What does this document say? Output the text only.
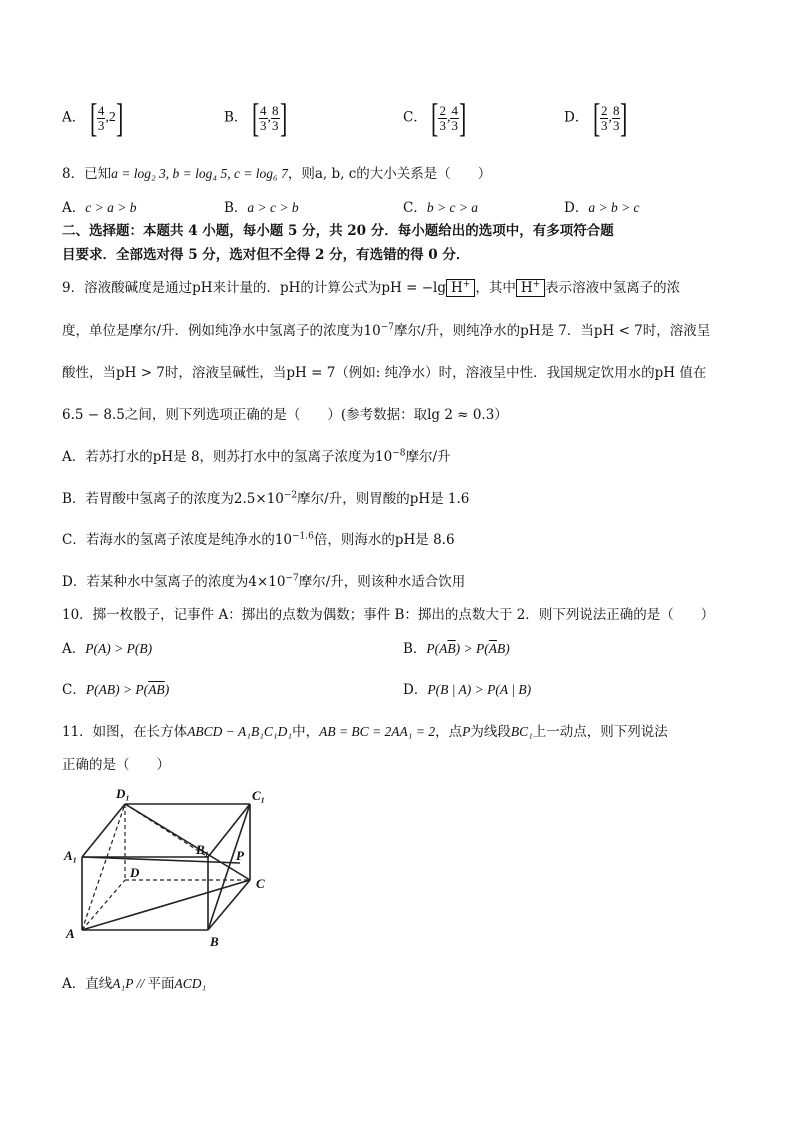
A． [ $\frac{4}{3} ,2$]	B． [ $\frac{4}{3}$ , $\frac{8}{3}$ ]	C． [ $\frac{2}{3}$ , $\frac{4}{3}$ ]	D． [ $\frac{2}{3}$ , $\frac{8}{3}$ ]
8．已知a = log₂ 3, b = log₄ 5, c = log₆ 7，则a, b, c的大小关系是（　　）
A．c > a > b	B．a > c > b	C．b > c > a	D．a > b > c
二、选择题：本题共 4 小题，每小题 5 分，共 20 分．每小题给出的选项中，有多项符合题
目要求．全部选对得 5 分，选对但不全得 2 分，有选错的得 0 分．
9．溶液酸碱度是通过pH来计量的．pH的计算公式为pH = −lg H+ ，其中 H+ 表示溶液中氢离子的浓
度，单位是摩尔/升．例如纯净水中氢离子的浓度为$10^{-7}$摩尔/升，则纯净水的pH是 7．当pH < 7时，溶液呈
酸性，当pH > 7时，溶液呈碱性，当pH = 7（例如: 纯净水）时，溶液呈中性．我国规定饮用水的pH 值在
6.5 − 8.5之间，则下列选项正确的是（　　）(参考数据：取lg 2 ≈ 0.3）
A．若苏打水的pH是 8，则苏打水中的氢离子浓度为$10^{-8}$摩尔/升
B．若胃酸中氢离子的浓度为$2.5\times 10^{-2}$摩尔/升，则胃酸的pH是 1.6
C．若海水的氢离子浓度是纯净水的$10^{-1.6}$倍，则海水的pH是 8.6
D．若某种水中氢离子的浓度为$4\times 10^{-7}$摩尔/升，则该种水适合饮用
10．掷一枚骰子，记事件 A：掷出的点数为偶数；事件 B：掷出的点数大于 2．则下列说法正确的是（　　）
A．P(A) > P(B)	B．$P(A\overline{B}) > P(\overline{A}B)$
C．$P(AB) > P(\overline{AB})$	D．P(B | A) > P(A | B)
11．如图，在长方体ABCD − A₁B₁C₁D₁中，AB = BC = 2AA₁ = 2，点P为线段BC₁上一动点，则下列说法
正确的是（　　）
D₁	C₁
A₁	B₁ P
D
C
A
B
A．直线A₁P // 平面ACD₁
